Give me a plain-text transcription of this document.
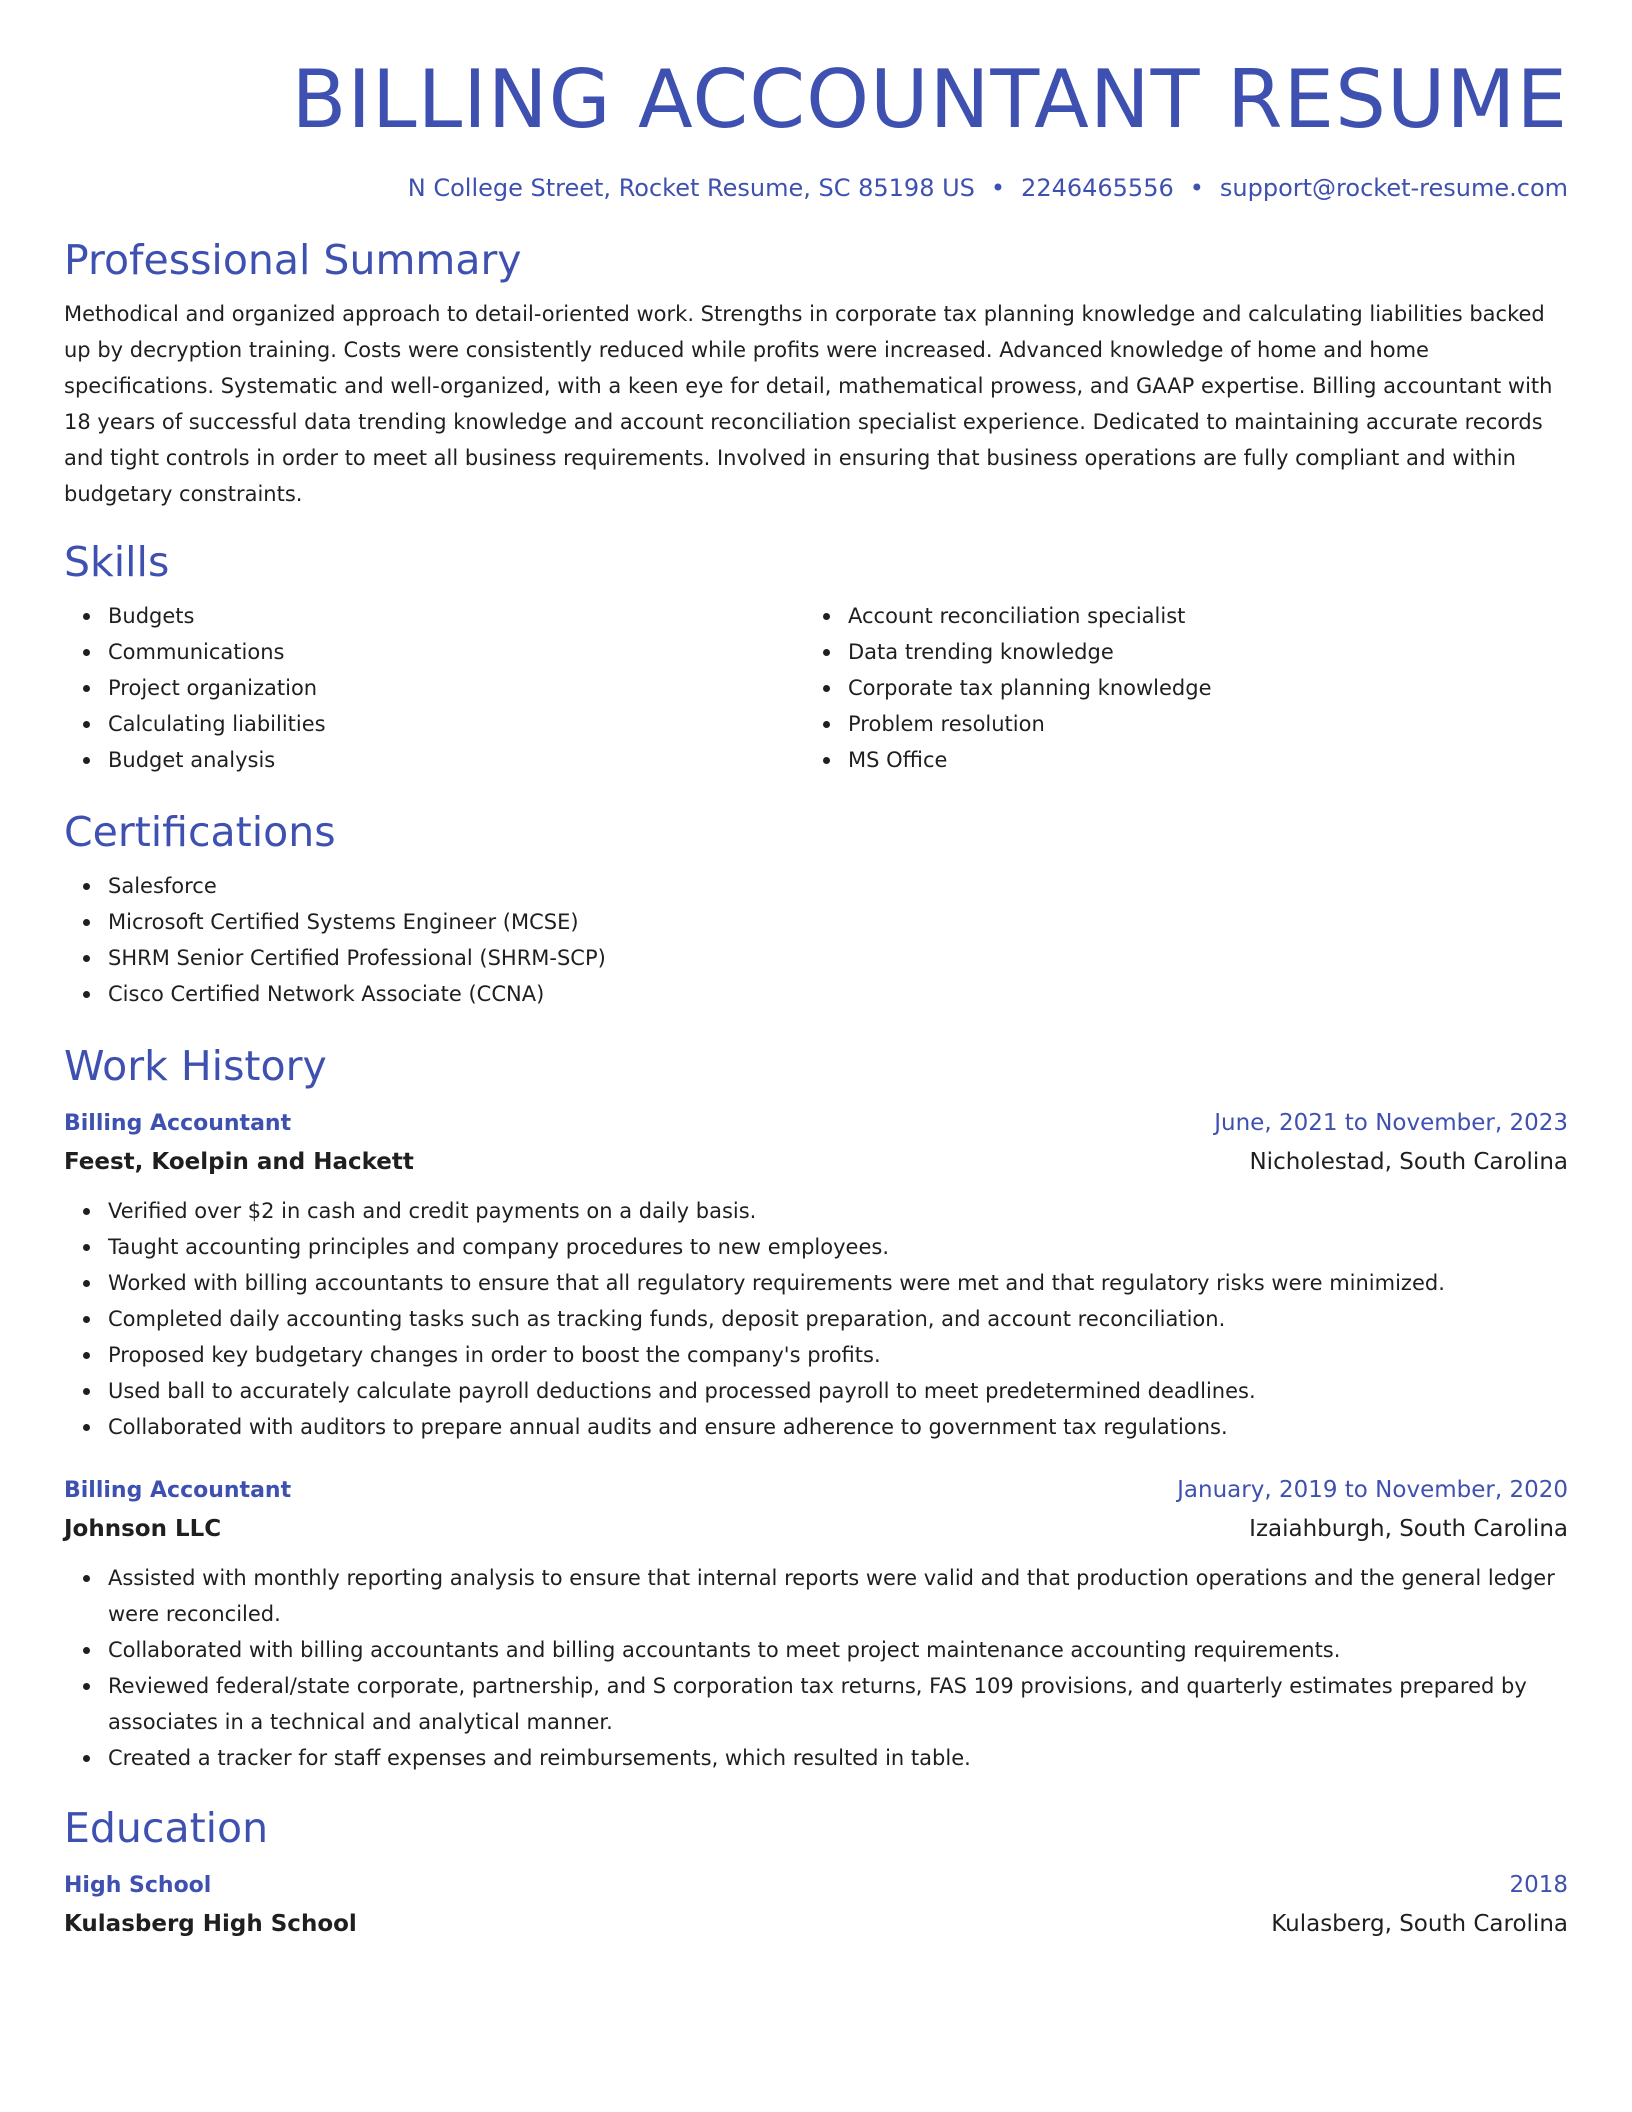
BILLING ACCOUNTANT RESUME
N College Street, Rocket Resume, SC 85198 US • 2246465556 • support@rocket-resume.com
Professional Summary

Methodical and organized approach to detail-oriented work. Strengths in corporate tax planning knowledge and calculating liabilities backed up by decryption training. Costs were consistently reduced while profits were increased. Advanced knowledge of home and home specifications. Systematic and well-organized, with a keen eye for detail, mathematical prowess, and GAAP expertise. Billing accountant with 18 years of successful data trending knowledge and account reconciliation specialist experience. Dedicated to maintaining accurate records and tight controls in order to meet all business requirements. Involved in ensuring that business operations are fully compliant and within budgetary constraints.

Skills
Budgets
Communications
Project organization
Calculating liabilities
Budget analysis
Account reconciliation specialist
Data trending knowledge
Corporate tax planning knowledge
Problem resolution
MS Office
Certifications
Salesforce
Microsoft Certified Systems Engineer (MCSE)
SHRM Senior Certified Professional (SHRM-SCP)
Cisco Certified Network Associate (CCNA)
Work History
Billing Accountant	June, 2021 to November, 2023
Feest, Koelpin and Hackett	Nicholestad, South Carolina
Verified over $2 in cash and credit payments on a daily basis.
Taught accounting principles and company procedures to new employees.
Worked with billing accountants to ensure that all regulatory requirements were met and that regulatory risks were minimized.
Completed daily accounting tasks such as tracking funds, deposit preparation, and account reconciliation.
Proposed key budgetary changes in order to boost the company's profits.
Used ball to accurately calculate payroll deductions and processed payroll to meet predetermined deadlines.
Collaborated with auditors to prepare annual audits and ensure adherence to government tax regulations.
Billing Accountant	January, 2019 to November, 2020
Johnson LLC	Izaiahburgh, South Carolina
Assisted with monthly reporting analysis to ensure that internal reports were valid and that production operations and the general ledger were reconciled.
Collaborated with billing accountants and billing accountants to meet project maintenance accounting requirements.
Reviewed federal/state corporate, partnership, and S corporation tax returns, FAS 109 provisions, and quarterly estimates prepared by associates in a technical and analytical manner.
Created a tracker for staff expenses and reimbursements, which resulted in table.
Education
High School	2018
Kulasberg High School	Kulasberg, South Carolina
